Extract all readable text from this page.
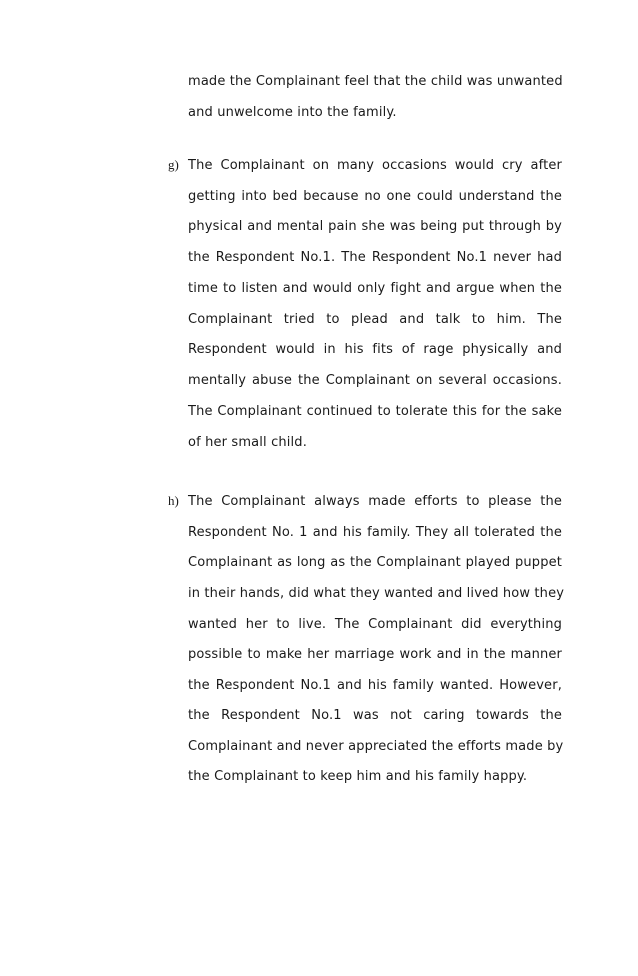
made the Complainant feel that the child was unwanted
and unwelcome into the family.
g) The Complainant on many occasions would cry after
getting into bed because no one could understand the
physical and mental pain she was being put through by
the Respondent No.1. The Respondent No.1 never had
time to listen and would only fight and argue when the
Complainant tried to plead and talk to him. The
Respondent would in his fits of rage physically and
mentally abuse the Complainant on several occasions.
The Complainant continued to tolerate this for the sake
of her small child.
h) The Complainant always made efforts to please the
Respondent No. 1 and his family. They all tolerated the
Complainant as long as the Complainant played puppet
in their hands, did what they wanted and lived how they
wanted her to live. The Complainant did everything
possible to make her marriage work and in the manner
the Respondent No.1 and his family wanted. However,
the Respondent No.1 was not caring towards the
Complainant and never appreciated the efforts made by
the Complainant to keep him and his family happy.
